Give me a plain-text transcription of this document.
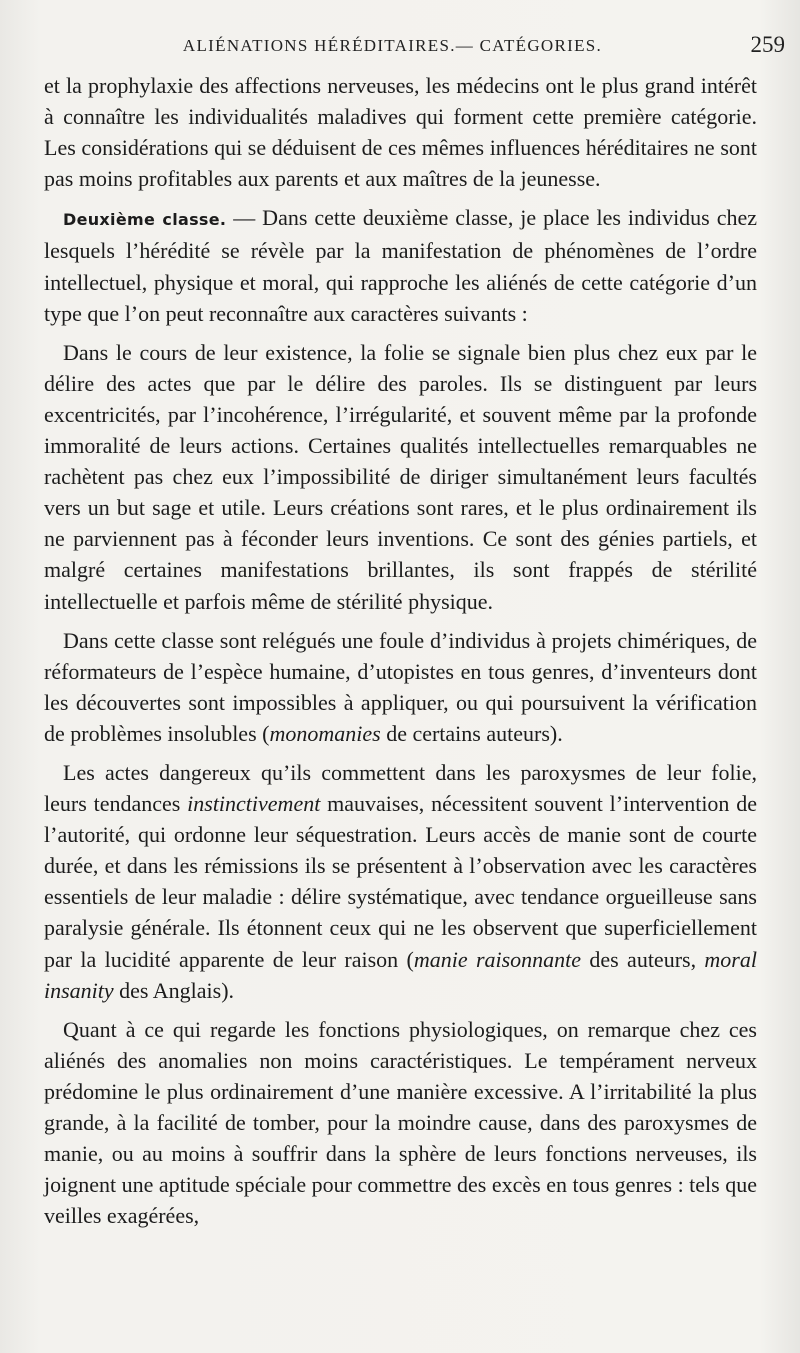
ALIÉNATIONS HÉRÉDITAIRES.— CATÉGORIES.	259

et la prophylaxie des affections nerveuses, les médecins ont le plus grand intérêt à connaître les individualités maladives qui forment cette première catégorie. Les considérations qui se déduisent de ces mêmes influences héréditaires ne sont pas moins profitables aux parents et aux maîtres de la jeunesse.

Deuxième classe. — Dans cette deuxième classe, je place les individus chez lesquels l’hérédité se révèle par la manifestation de phénomènes de l’ordre intellectuel, physique et moral, qui rapproche les aliénés de cette catégorie d’un type que l’on peut reconnaître aux caractères suivants :

Dans le cours de leur existence, la folie se signale bien plus chez eux par le délire des actes que par le délire des paroles. Ils se distinguent par leurs excentricités, par l’incohérence, l’irrégularité, et souvent même par la profonde immoralité de leurs actions. Certaines qualités intellectuelles remarquables ne rachètent pas chez eux l’impossibilité de diriger simultanément leurs facultés vers un but sage et utile. Leurs créations sont rares, et le plus ordinairement ils ne parviennent pas à féconder leurs inventions. Ce sont des génies partiels, et malgré certaines manifestations brillantes, ils sont frappés de stérilité intellectuelle et parfois même de stérilité physique.

Dans cette classe sont relégués une foule d’individus à projets chimériques, de réformateurs de l’espèce humaine, d’utopistes en tous genres, d’inventeurs dont les découvertes sont impossibles à appliquer, ou qui poursuivent la vérification de problèmes insolubles (monomanies de certains auteurs).

Les actes dangereux qu’ils commettent dans les paroxysmes de leur folie, leurs tendances instinctivement mauvaises, nécessitent souvent l’intervention de l’autorité, qui ordonne leur séquestration. Leurs accès de manie sont de courte durée, et dans les rémissions ils se présentent à l’observation avec les caractères essentiels de leur maladie : délire systématique, avec tendance orgueilleuse sans paralysie générale. Ils étonnent ceux qui ne les observent que superficiellement par la lucidité apparente de leur raison (manie raisonnante des auteurs, moral insanity des Anglais).

Quant à ce qui regarde les fonctions physiologiques, on remarque chez ces aliénés des anomalies non moins caractéristiques. Le tempérament nerveux prédomine le plus ordinairement d’une manière excessive. A l’irritabilité la plus grande, à la facilité de tomber, pour la moindre cause, dans des paroxysmes de manie, ou au moins à souffrir dans la sphère de leurs fonctions nerveuses, ils joignent une aptitude spéciale pour commettre des excès en tous genres : tels que veilles exagérées,
